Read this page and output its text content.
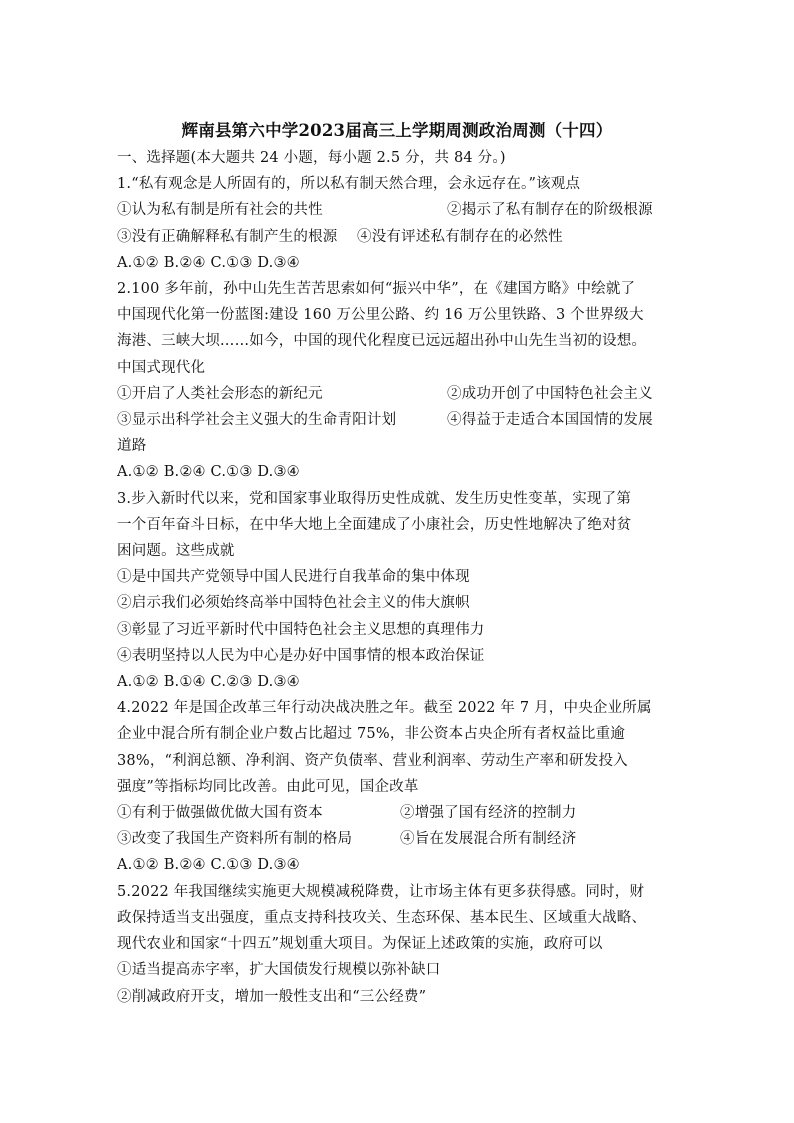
辉南县第六中学2023届高三上学期周测政治周测（十四）
一、选择题(本大题共 24 小题，每小题 2.5 分，共 84 分。)
1.“私有观念是人所固有的，所以私有制天然合理，会永远存在。”该观点
①认为私有制是所有社会的共性	②揭示了私有制存在的阶级根源
③没有正确解释私有制产生的根源	④没有评述私有制存在的必然性
A.①② B.②④ C.①③ D.③④
2.100 多年前，孙中山先生苦苦思索如何“振兴中华”，在《建国方略》中绘就了
中国现代化第一份蓝图:建设 160 万公里公路、约 16 万公里铁路、3 个世界级大
海港、三峡大坝……如今，中国的现代化程度已远远超出孙中山先生当初的设想。
中国式现代化
①开启了人类社会形态的新纪元	②成功开创了中国特色社会主义
③显示出科学社会主义强大的生命青阳计划	④得益于走适合本国国情的发展
道路
A.①② B.②④ C.①③ D.③④
3.步入新时代以来，党和国家事业取得历史性成就、发生历史性变革，实现了第
一个百年奋斗日标，在中华大地上全面建成了小康社会，历史性地解决了绝对贫
困问题。这些成就
①是中国共产党领导中国人民进行自我革命的集中体现
②启示我们必须始终高举中国特色社会主义的伟大旗帜
③彰显了习近平新时代中国特色社会主义思想的真理伟力
④表明坚持以人民为中心是办好中国事情的根本政治保证
A.①② B.①④ C.②③ D.③④
4.2022 年是国企改革三年行动决战决胜之年。截至 2022 年 7 月，中央企业所属
企业中混合所有制企业户数占比超过 75%，非公资本占央企所有者权益比重逾
38%，“利润总额、净利润、资产负债率、营业利润率、劳动生产率和研发投入
强度”等指标均同比改善。由此可见，国企改革
①有利于做强做优做大国有资本	②增强了国有经济的控制力
③改变了我国生产资料所有制的格局	④旨在发展混合所有制经济
A.①② B.②④ C.①③ D.③④
5.2022 年我国继续实施更大规模减税降费，让市场主体有更多获得感。同时，财
政保持适当支出强度，重点支持科技攻关、生态环保、基本民生、区域重大战略、
现代农业和国家“十四五”规划重大项目。为保证上述政策的实施，政府可以
①适当提高赤字率，扩大国债发行规模以弥补缺口
②削减政府开支，增加一般性支出和“三公经费”
